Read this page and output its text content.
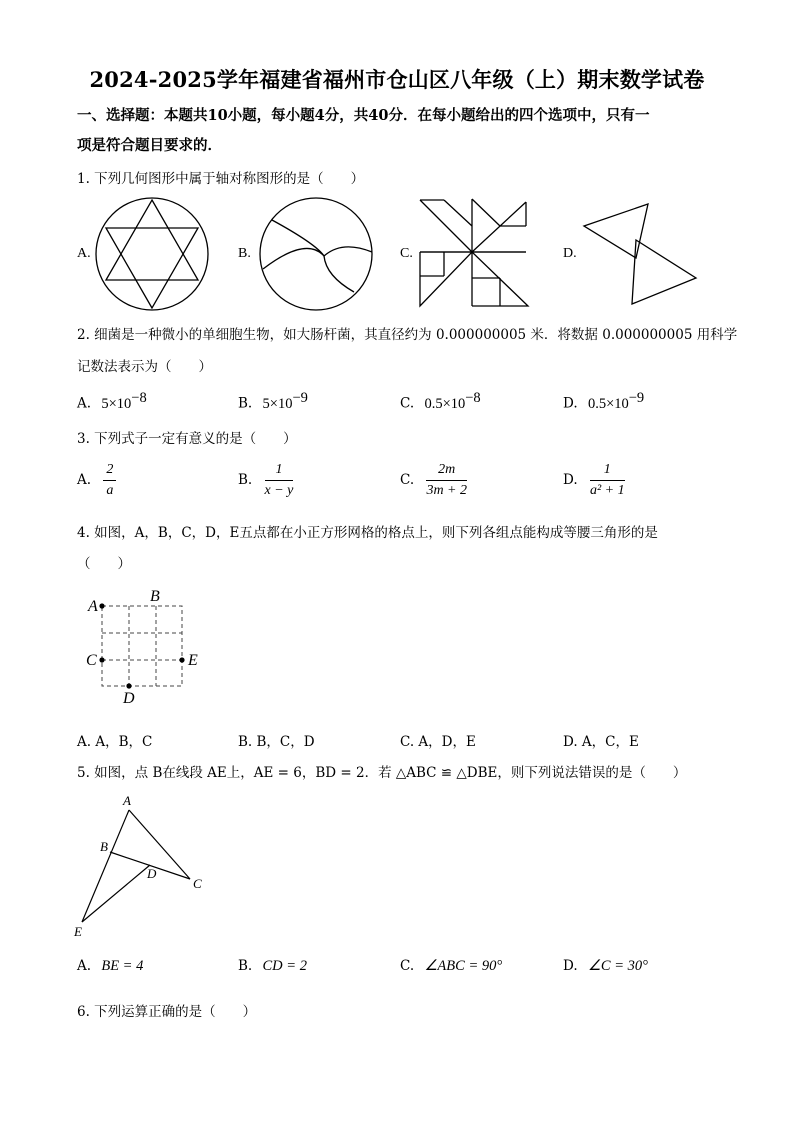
2024-2025学年福建省福州市仓山区八年级（上）期末数学试卷
一、选择题：本题共10小题，每小题4分，共40分．在每小题给出的四个选项中，只有一
项是符合题目要求的．
1. 下列几何图形中属于轴对称图形的是（　　）
A.	B.	C.	D.
2. 细菌是一种微小的单细胞生物，如大肠杆菌，其直径约为 0.000000005 米．将数据 0.000000005 用科学
记数法表示为（　　）
A. $5\times 10^{-8}$	B. $5\times 10^{-9}$	C. $0.5\times 10^{-8}$	D. $0.5\times 10^{-9}$
3. 下列式子一定有意义的是（　　）
A. $\frac{2}{a}$	B. $\frac{1}{x - y}$	C. $\frac{2m}{3m + 2}$	D. $\frac{1}{\text{a² + 1}}$
4. 如图，A，B，C，D，E五点都在小正方形网格的格点上，则下列各组点能构成等腰三角形的是
（　　）
A
B
C
D
E
A. A，B，C	B. B，C，D	C. A，D，E	D. A，C，E
5. 如图，点 B在线段 AE上，AE = 6，BD = 2．若 △ABC ≌ △DBE，则下列说法错误的是（　　）
A
B
C
D
E
A. BE = 4	B. CD = 2	C. ∠ABC = 90°	D. ∠C = 30°
6. 下列运算正确的是（　　）
